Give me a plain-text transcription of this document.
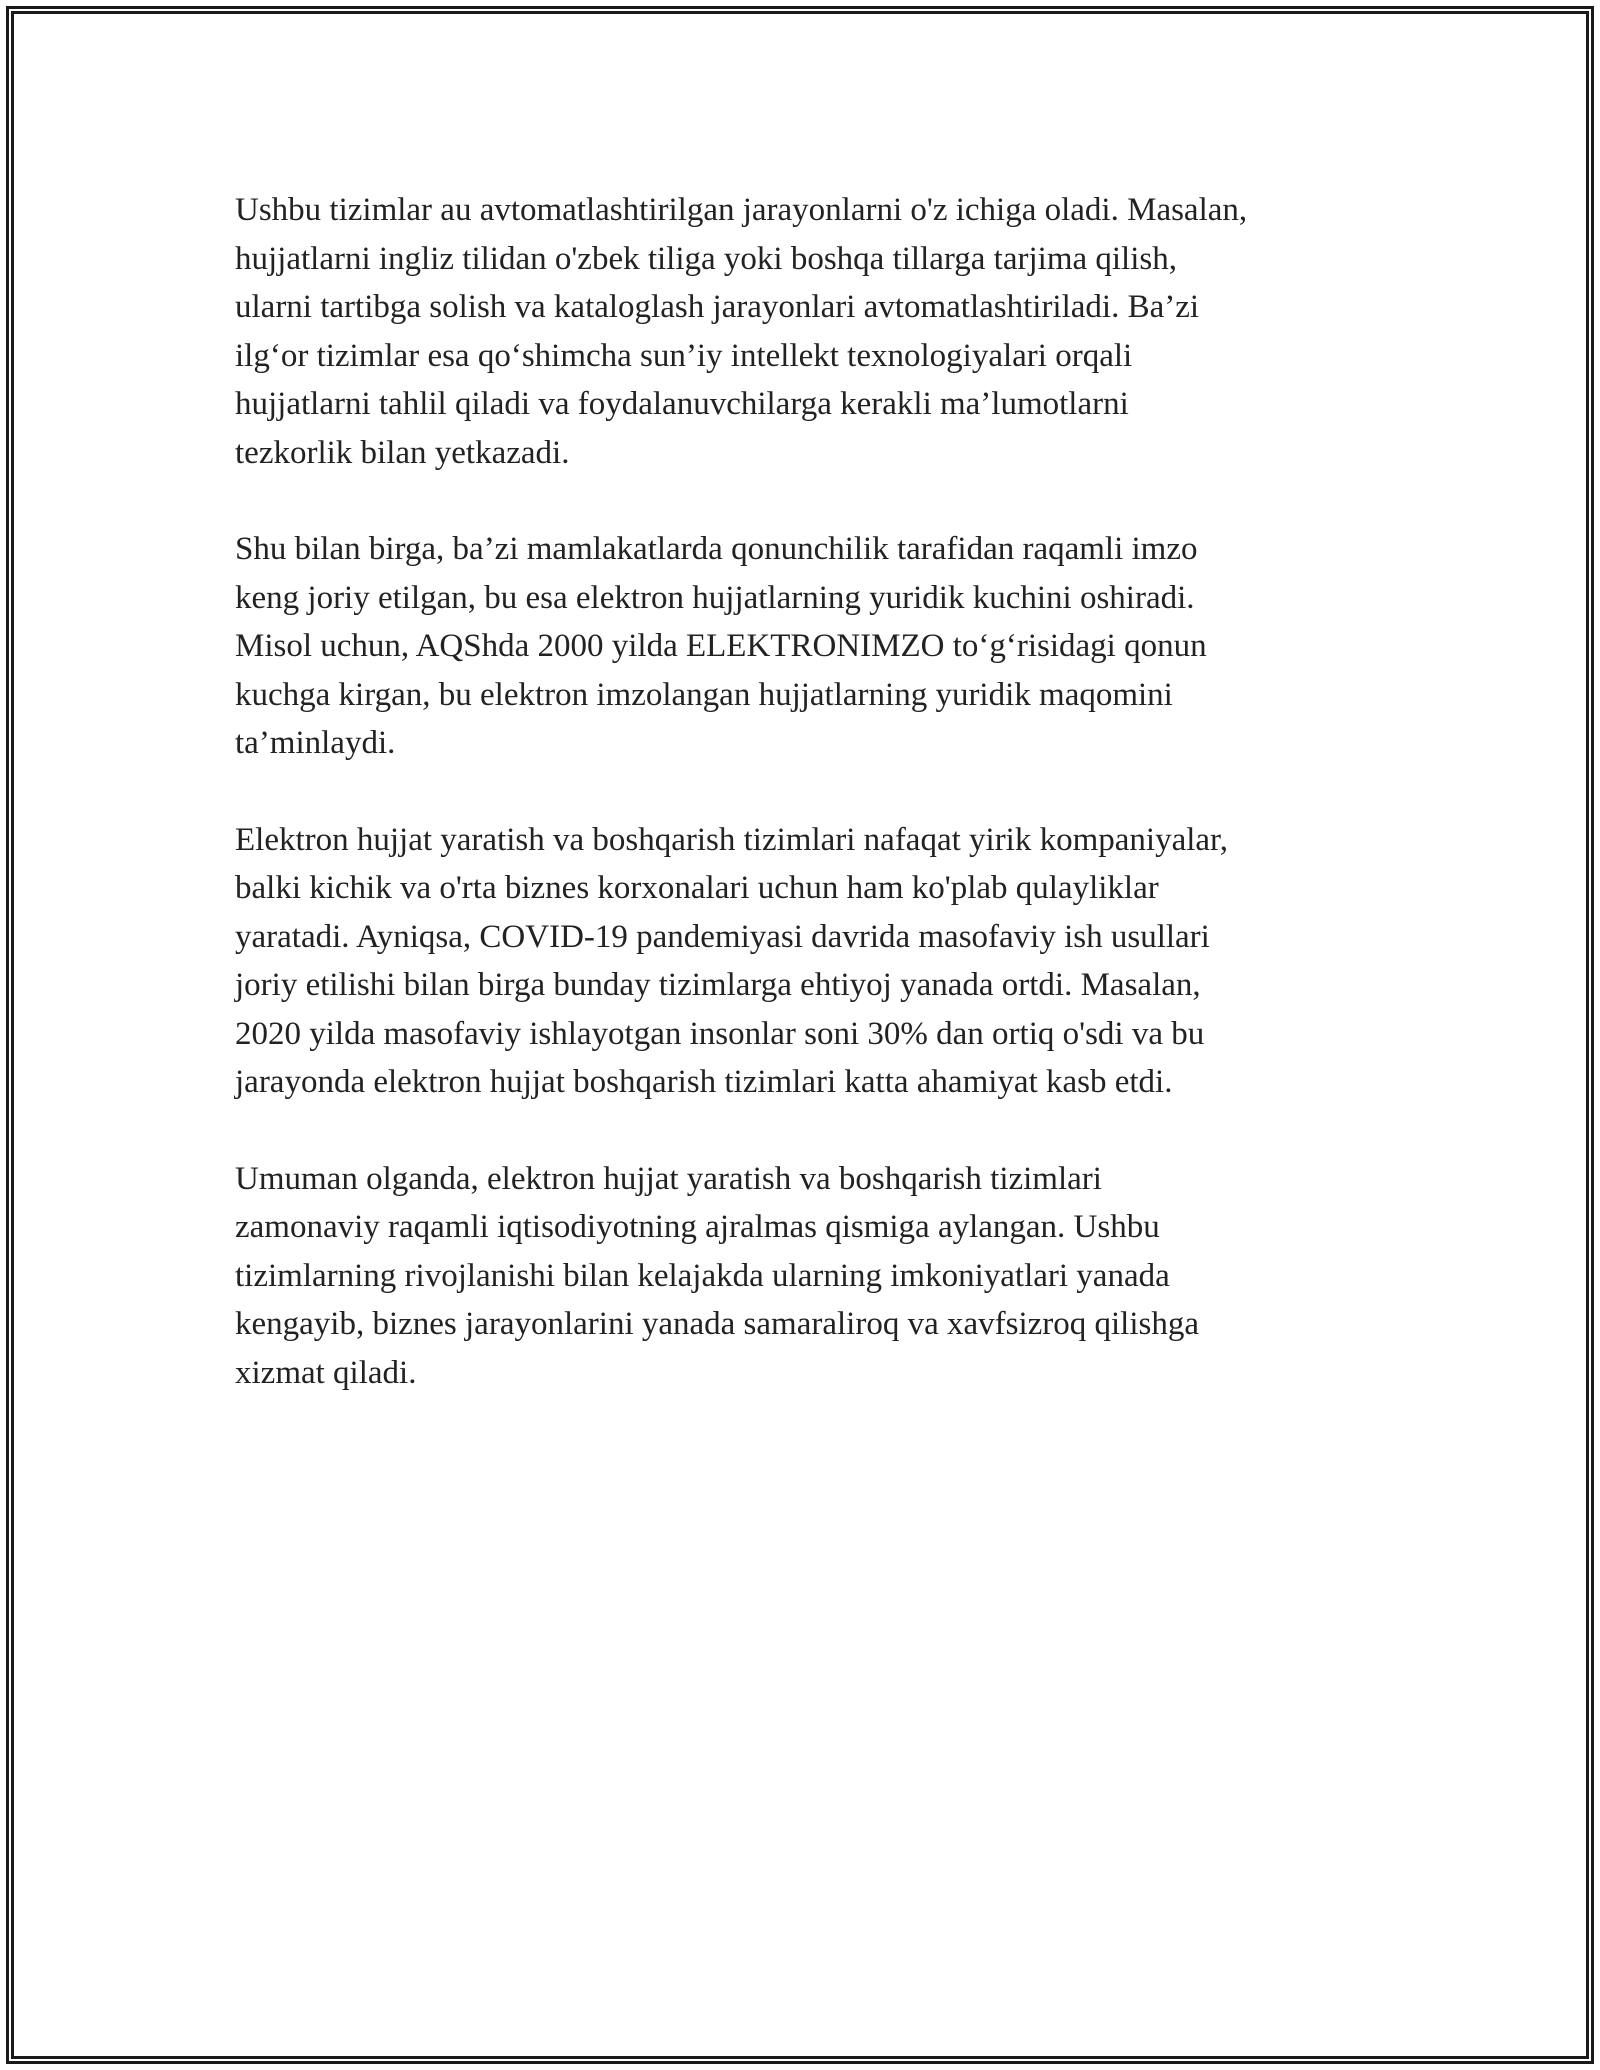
Ushbu tizimlar au avtomatlashtirilgan jarayonlarni o'z ichiga oladi. Masalan,
hujjatlarni ingliz tilidan o'zbek tiliga yoki boshqa tillarga tarjima qilish,
ularni tartibga solish va kataloglash jarayonlari avtomatlashtiriladi. Ba’zi
ilg‘or tizimlar esa qo‘shimcha sun’iy intellekt texnologiyalari orqali
hujjatlarni tahlil qiladi va foydalanuvchilarga kerakli ma’lumotlarni
tezkorlik bilan yetkazadi.

Shu bilan birga, ba’zi mamlakatlarda qonunchilik tarafidan raqamli imzo
keng joriy etilgan, bu esa elektron hujjatlarning yuridik kuchini oshiradi.
Misol uchun, AQShda 2000 yilda ELEKTRONIMZO to‘g‘risidagi qonun
kuchga kirgan, bu elektron imzolangan hujjatlarning yuridik maqomini
ta’minlaydi.

Elektron hujjat yaratish va boshqarish tizimlari nafaqat yirik kompaniyalar,
balki kichik va o'rta biznes korxonalari uchun ham ko'plab qulayliklar
yaratadi. Ayniqsa, COVID-19 pandemiyasi davrida masofaviy ish usullari
joriy etilishi bilan birga bunday tizimlarga ehtiyoj yanada ortdi. Masalan,
2020 yilda masofaviy ishlayotgan insonlar soni 30% dan ortiq o'sdi va bu
jarayonda elektron hujjat boshqarish tizimlari katta ahamiyat kasb etdi.

Umuman olganda, elektron hujjat yaratish va boshqarish tizimlari
zamonaviy raqamli iqtisodiyotning ajralmas qismiga aylangan. Ushbu
tizimlarning rivojlanishi bilan kelajakda ularning imkoniyatlari yanada
kengayib, biznes jarayonlarini yanada samaraliroq va xavfsizroq qilishga
xizmat qiladi.
